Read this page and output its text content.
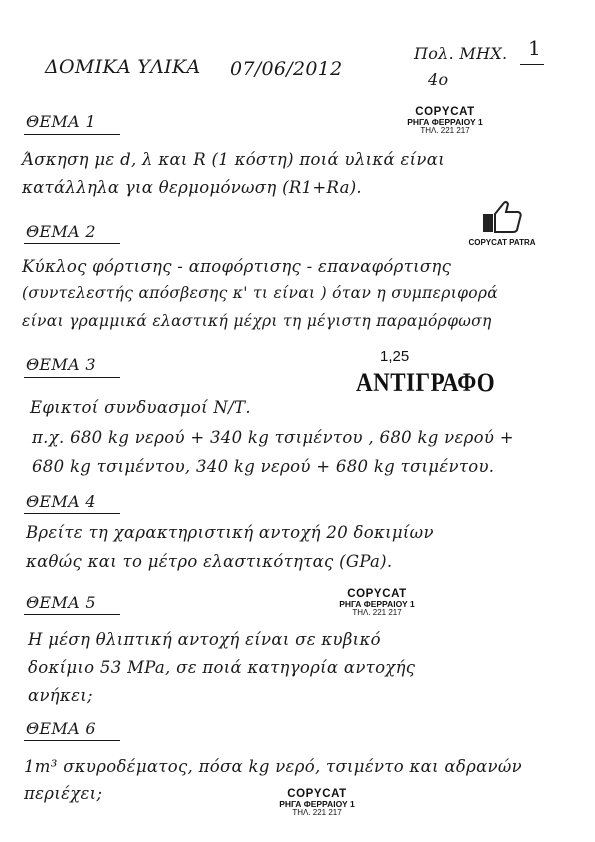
ΔΟΜΙΚΑ ΥΛΙΚΑ 07/06/2012
Πολ. ΜΗΧ.
4ο
1
COPYCAT
ΡΗΓΑ ΦΕΡΡΑΙΟΥ 1
ΤΗΛ. 221 217
ΘΕΜΑ 1
Άσκηση με d, λ και R (1 κόστη) ποιά υλικά είναι
κατάλληλα για θερμομόνωση (R1+Ra).
COPYCAT PATRA
ΘΕΜΑ 2
Κύκλος φόρτισης - αποφόρτισης - επαναφόρτισης
(συντελεστής απόσβεσης κ' τι είναι ) όταν η συμπεριφορά
είναι γραμμικά ελαστική μέχρι τη μέγιστη παραμόρφωση
1,25
ΑΝΤΙΓΡΑΦΟ
ΘΕΜΑ 3
Εφικτοί συνδυασμοί Ν/Τ.
π.χ. 680 kg νερού + 340 kg τσιμέντου , 680 kg νερού +
680 kg τσιμέντου, 340 kg νερού + 680 kg τσιμέντου.
ΘΕΜΑ 4
Βρείτε τη χαρακτηριστική αντοχή 20 δοκιμίων
καθώς και το μέτρο ελαστικότητας (GPa).
COPYCAT
ΡΗΓΑ ΦΕΡΡΑΙΟΥ 1
ΤΗΛ. 221 217
ΘΕΜΑ 5
Η μέση θλιπτική αντοχή είναι σε κυβικό
δοκίμιο 53 MPa, σε ποιά κατηγορία αντοχής
ανήκει;
ΘΕΜΑ 6
1m³ σκυροδέματος, πόσα kg νερό, τσιμέντο και αδρανών
περιέχει;	COPYCAT
ΡΗΓΑ ΦΕΡΡΑΙΟΥ 1
ΤΗΛ. 221 217
